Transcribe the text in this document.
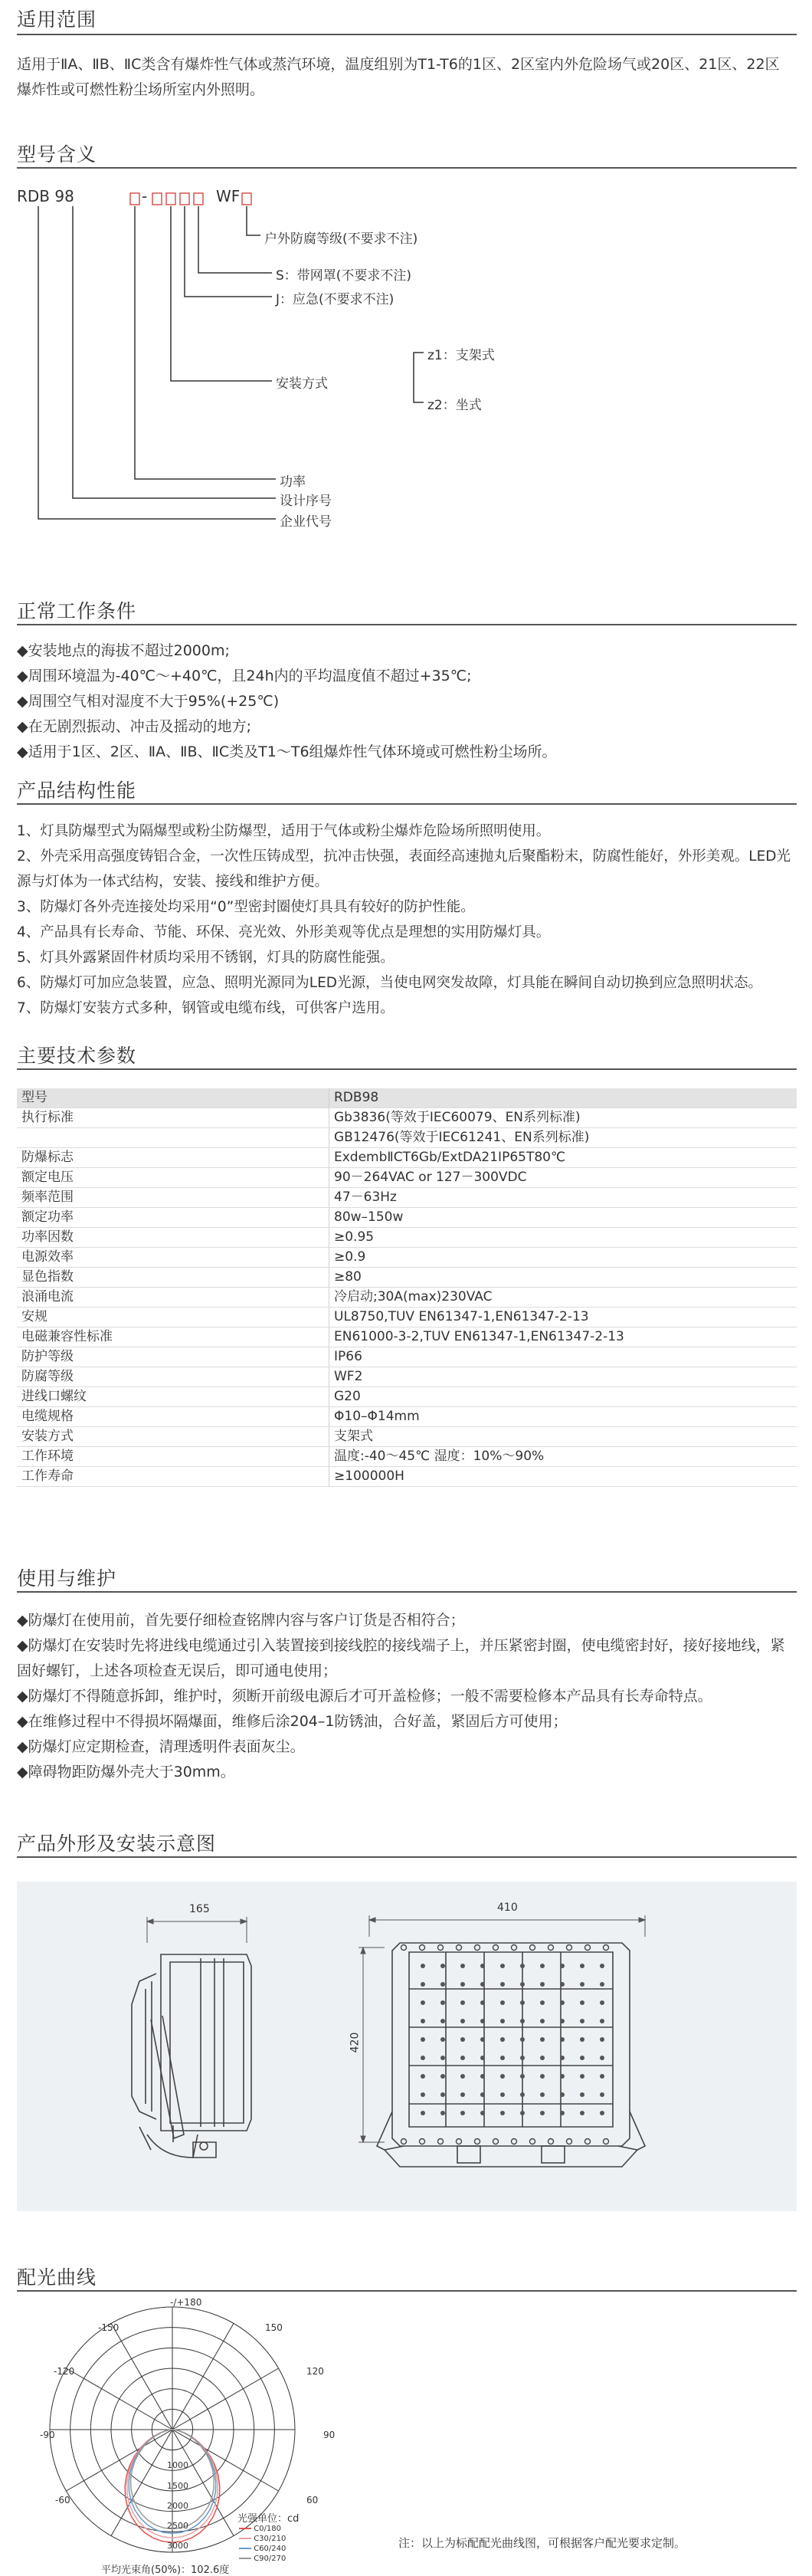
适用范围
适用于ⅡA、ⅡB、ⅡC类含有爆炸性气体或蒸汽环境，温度组别为T1-T6的1区、2区室内外危险场气或20区、21区、22区爆炸性或可燃性粉尘场所室内外照明。
型号含义
RDB 98	-	WF
户外防腐等级(不要求不注)
S：带网罩(不要求不注)
J：应急(不要求不注)
安装方式
z1：支架式
z2：坐式
功率
设计序号
企业代号
正常工作条件
◆安装地点的海拔不超过2000m;
◆周围环境温为-40℃～+40℃，且24h内的平均温度值不超过+35℃;
◆周围空气相对湿度不大于95%(+25℃)
◆在无剧烈振动、冲击及摇动的地方;
◆适用于1区、2区、ⅡA、ⅡB、ⅡC类及T1～T6组爆炸性气体环境或可燃性粉尘场所。
产品结构性能
1、灯具防爆型式为隔爆型或粉尘防爆型，适用于气体或粉尘爆炸危险场所照明使用。
2、外壳采用高强度铸铝合金，一次性压铸成型，抗冲击快强，表面经高速抛丸后聚酯粉末，防腐性能好，外形美观。LED光源与灯体为一体式结构，安装、接线和维护方便。
3、防爆灯各外壳连接处均采用“0”型密封圈使灯具具有较好的防护性能。
4、产品具有长寿命、节能、环保、亮光效、外形美观等优点是理想的实用防爆灯具。
5、灯具外露紧固件材质均采用不锈钢，灯具的防腐性能强。
6、防爆灯可加应急装置，应急、照明光源同为LED光源，当使电网突发故障，灯具能在瞬间自动切换到应急照明状态。
7、防爆灯安装方式多种，钢管或电缆布线，可供客户选用。
主要技术参数
型号	RDB98
执行标准	Gb3836(等效于IEC60079、EN系列标准)
	GB12476(等效于IEC61241、EN系列标准)
防爆标志	ExdembⅡCT6Gb/ExtDA21IP65T80℃
额定电压	90－264VAC or 127－300VDC
频率范围	47－63Hz
额定功率	80w–150w
功率因数	≥0.95
电源效率	≥0.9
显色指数	≥80
浪涌电流	冷启动;30A(max)230VAC
安规	UL8750,TUV EN61347-1,EN61347-2-13
电磁兼容性标准	EN61000-3-2,TUV EN61347-1,EN61347-2-13
防护等级	IP66
防腐等级	WF2
进线口螺纹	G20
电缆规格	Φ10–Φ14mm
安装方式	支架式
工作环境	温度:-40～45℃ 湿度：10%～90%
工作寿命	≥100000H
使用与维护
◆防爆灯在使用前，首先要仔细检查铭牌内容与客户订货是否相符合；
◆防爆灯在安装时先将进线电缆通过引入装置接到接线腔的接线端子上，并压紧密封圈，使电缆密封好，接好接地线，紧固好螺钉，上述各项检查无误后，即可通电使用；
◆防爆灯不得随意拆卸，维护时，须断开前级电源后才可开盖检修；一般不需要检修本产品具有长寿命特点。
◆在维修过程中不得损坏隔爆面，维修后涂204–1防锈油，合好盖，紧固后方可使用；
◆防爆灯应定期检查，清理透明件表面灰尘。
◆障碍物距防爆外壳大于30mm。
产品外形及安装示意图
165	410
420
配光曲线
-/+180
-150	150
-120	120
-90	90
-60	60
1000
1500
2000
2500
3000
光强单位：cd
C0/180
C30/210
C60/240
C90/270
平均光束角(50%)：102.6度
注：以上为标配配光曲线图，可根据客户配光要求定制。
